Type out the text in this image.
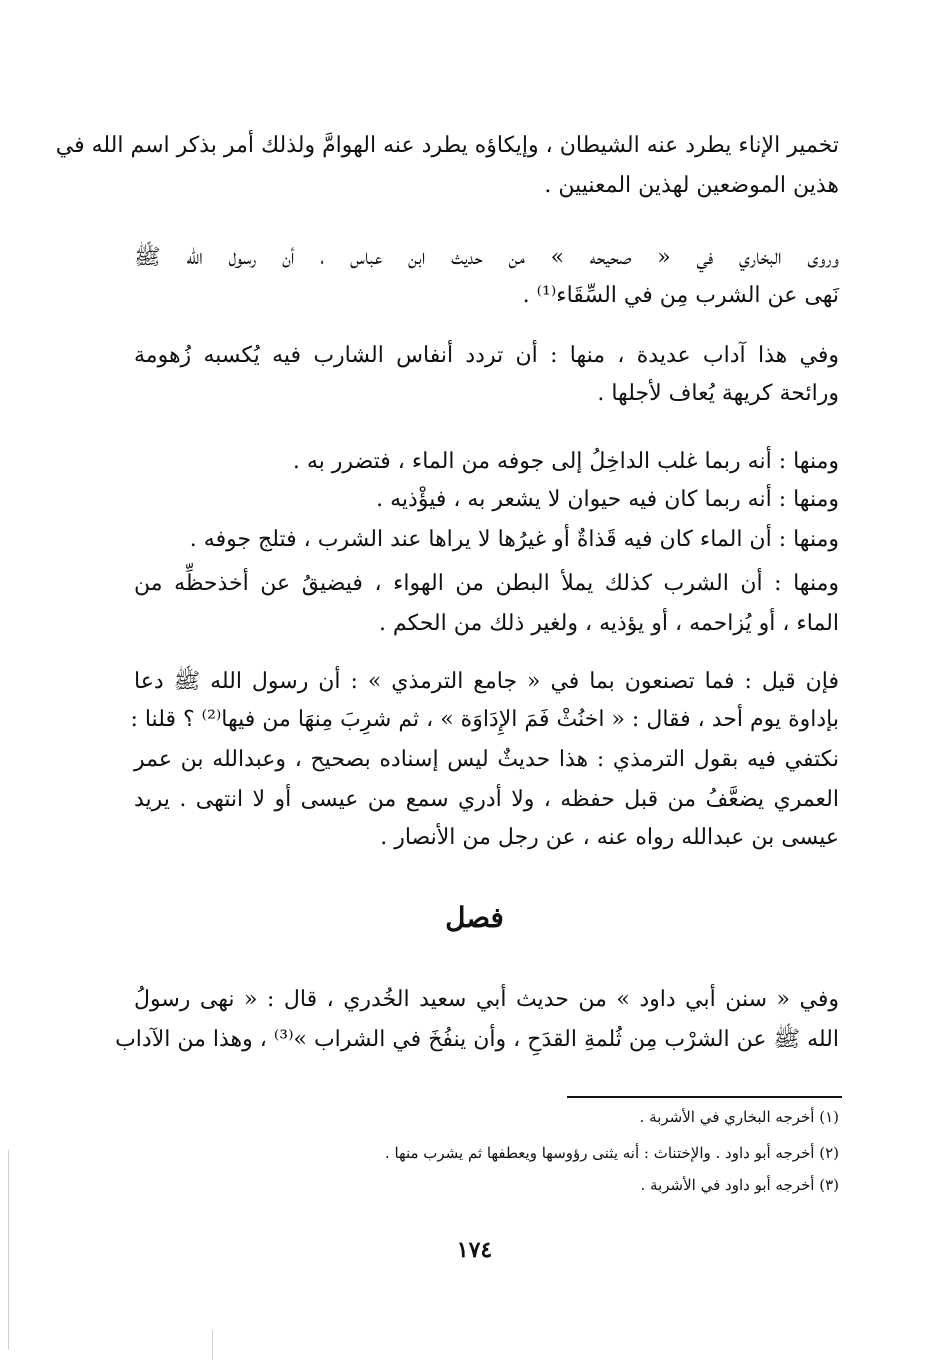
تخمير الإناء يطرد عنه الشيطان ، وإيكاؤه يطرد عنه الهوامَّ ولذلك أمر بذكر اسم الله في
هذين الموضعين لهذين المعنيين .
وروى البخاري في « صحيحه » من حديث ابن عباس ، أن رسول الله ﷺ
نَهى عن الشرب مِن في السِّقَاء⁽¹⁾ .
وفي هذا آداب عديدة ، منها : أن تردد أنفاس الشارب فيه يُكسبه زُهومة
ورائحة كريهة يُعاف لأجلها .
ومنها : أنه ربما غلب الداخِلُ إلى جوفه من الماء ، فتضرر به .
ومنها : أنه ربما كان فيه حيوان لا يشعر به ، فيؤْذيه .
ومنها : أن الماء كان فيه قَذاةٌ أو غيرُها لا يراها عند الشرب ، فتلج جوفه .
ومنها : أن الشرب كذلك يملأ البطن من الهواء ، فيضيقُ عن أخذحظِّه من
الماء ، أو يُزاحمه ، أو يؤذيه ، ولغير ذلك من الحكم .
فإن قيل : فما تصنعون بما في « جامع الترمذي » : أن رسول الله ﷺ دعا
بإداوة يوم أحد ، فقال : « اخنُثْ فَمَ الإِدَاوَة » ، ثم شرِبَ مِنهَا من فيها⁽²⁾ ؟ قلنا :
نكتفي فيه بقول الترمذي : هذا حديثٌ ليس إسناده بصحيح ، وعبدالله بن عمر
العمري يضعَّفُ من قبل حفظه ، ولا أدري سمع من عيسى أو لا انتهى . يريد
عيسى بن عبدالله رواه عنه ، عن رجل من الأنصار .
فصل
وفي « سنن أبي داود » من حديث أبي سعيد الخُدري ، قال : « نهى رسولُ
الله ﷺ عن الشرْب مِن ثُلمةِ القدَحِ ، وأن ينفُخَ في الشراب »⁽³⁾ ، وهذا من الآداب
(١) أخرجه البخاري في الأشربة .
(٢) أخرجه أبو داود . والإختناث : أنه يثنى رؤوسها ويعطفها ثم يشرب منها .
(٣) أخرجه أبو داود في الأشربة .
١٧٤
